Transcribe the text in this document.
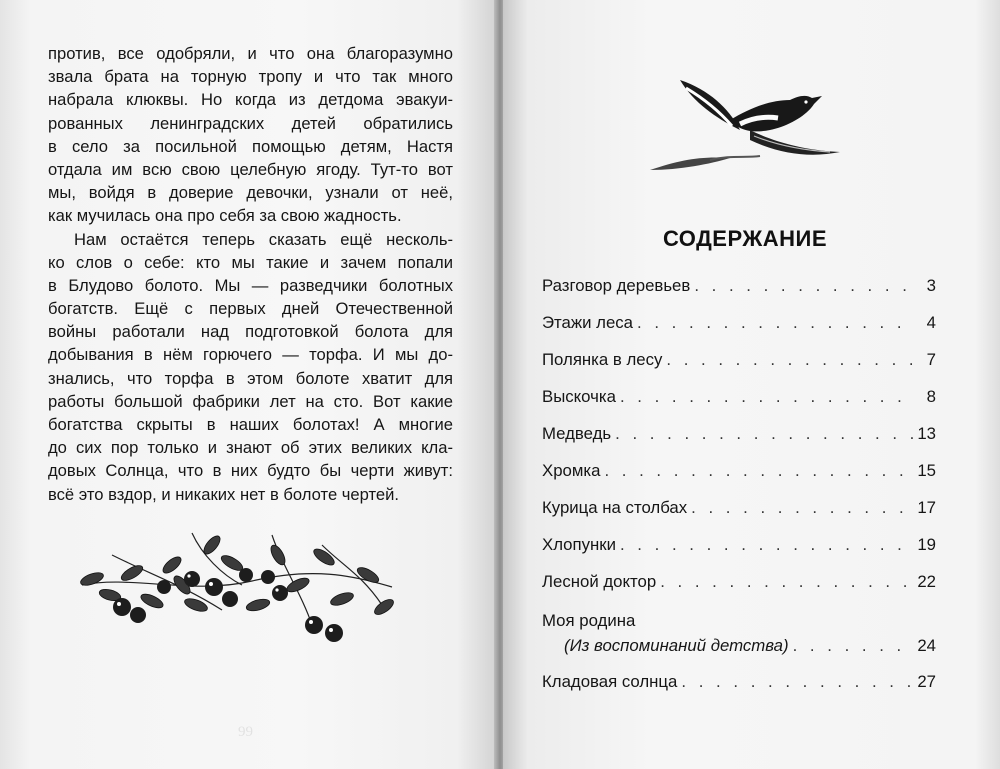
против, все одобряли, и что она благоразумно
звала брата на торную тропу и что так много
набрала клюквы. Но когда из детдома эвакуи-
рованных ленинградских детей обратились
в село за посильной помощью детям, Настя
отдала им всю свою целебную ягоду. Тут-то вот
мы, войдя в доверие девочки, узнали от неё,
как мучилась она про себя за свою жадность.
Нам остаётся теперь сказать ещё несколь-
ко слов о себе: кто мы такие и зачем попали
в Блудово болото. Мы — разведчики болотных
богатств. Ещё с первых дней Отечественной
войны работали над подготовкой болота для
добывания в нём горючего — торфа. И мы до-
знались, что торфа в этом болоте хватит для
работы большой фабрики лет на сто. Вот какие
богатства скрыты в наших болотах! А многие
до сих пор только и знают об этих великих кла-
довых Солнца, что в них будто бы черти живут:
всё это вздор, и никаких нет в болоте чертей.
99
СОДЕРЖАНИЕ
Разговор деревьев . . .	3
Этажи леса . . .	4
Полянка в лесу . . .	7
Выскочка . . .	8
Медведь . . .	13
Хромка . . .	15
Курица на столбах . . .	17
Хлопунки . . .	19
Лесной доктор . . .	22
Моя родина
(Из воспоминаний детства) . . .	24
Кладовая солнца . . .	27
